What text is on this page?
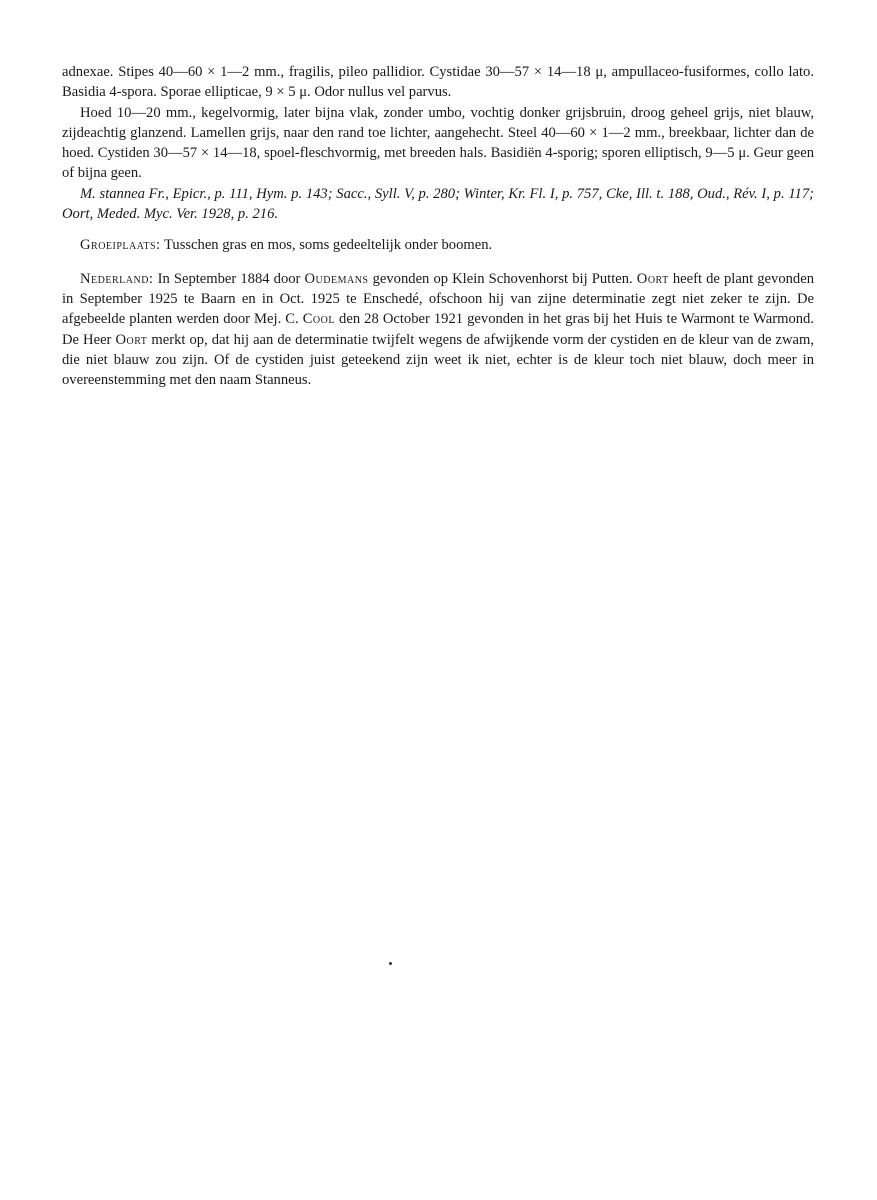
adnexae. Stipes 40—60 × 1—2 mm., fragilis, pileo pallidior. Cystidae 30—57 × 14—18 μ, ampullaceo-fusiformes, collo lato. Basidia 4-spora. Sporae ellipticae, 9 × 5 μ. Odor nullus vel parvus.

Hoed 10—20 mm., kegelvormig, later bijna vlak, zonder umbo, vochtig donker grijsbruin, droog geheel grijs, niet blauw, zijdeachtig glanzend. Lamellen grijs, naar den rand toe lichter, aangehecht. Steel 40—60 × 1—2 mm., breekbaar, lichter dan de hoed. Cystiden 30—57 × 14—18, spoel-fleschvormig, met breeden hals. Basidiën 4-sporig; sporen elliptisch, 9—5 μ. Geur geen of bijna geen.

M. stannea Fr., Epicr., p. 111, Hym. p. 143; Sacc., Syll. V, p. 280; Winter, Kr. Fl. I, p. 757, Cke, Ill. t. 188, Oud., Rév. I, p. 117; Oort, Meded. Myc. Ver. 1928, p. 216.

Groeiplaats: Tusschen gras en mos, soms gedeeltelijk onder boomen.

Nederland: In September 1884 door Oudemans gevonden op Klein Schovenhorst bij Putten. Oort heeft de plant gevonden in September 1925 te Baarn en in Oct. 1925 te Enschedé, ofschoon hij van zijne determinatie zegt niet zeker te zijn. De afgebeelde planten werden door Mej. C. Cool den 28 October 1921 gevonden in het gras bij het Huis te Warmont te Warmond. De Heer Oort merkt op, dat hij aan de determinatie twijfelt wegens de afwijkende vorm der cystiden en de kleur van de zwam, die niet blauw zou zijn. Of de cystiden juist geteekend zijn weet ik niet, echter is de kleur toch niet blauw, doch meer in overeenstemming met den naam Stanneus.
